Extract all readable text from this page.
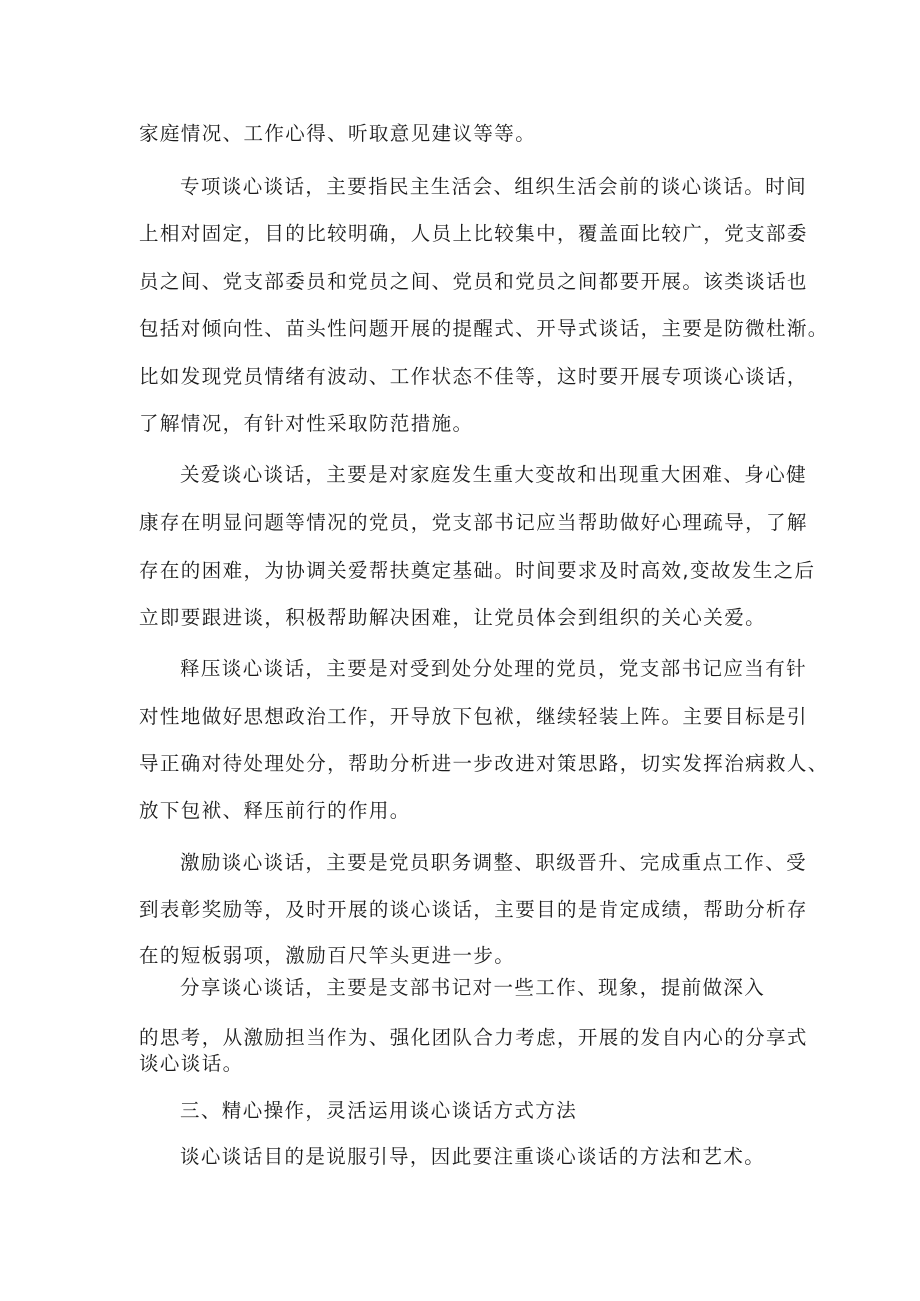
家庭情况、工作心得、听取意见建议等等。
专项谈心谈话，主要指民主生活会、组织生活会前的谈心谈话。时间
上相对固定，目的比较明确，人员上比较集中，覆盖面比较广，党支部委
员之间、党支部委员和党员之间、党员和党员之间都要开展。该类谈话也
包括对倾向性、苗头性问题开展的提醒式、开导式谈话，主要是防微杜渐。
比如发现党员情绪有波动、工作状态不佳等，这时要开展专项谈心谈话，
了解情况，有针对性采取防范措施。
关爱谈心谈话，主要是对家庭发生重大变故和出现重大困难、身心健
康存在明显问题等情况的党员，党支部书记应当帮助做好心理疏导，了解
存在的困难，为协调关爱帮扶奠定基础。时间要求及时高效,变故发生之后
立即要跟进谈，积极帮助解决困难，让党员体会到组织的关心关爱。
释压谈心谈话，主要是对受到处分处理的党员，党支部书记应当有针
对性地做好思想政治工作，开导放下包袱，继续轻装上阵。主要目标是引
导正确对待处理处分，帮助分析进一步改进对策思路，切实发挥治病救人、
放下包袱、释压前行的作用。
激励谈心谈话，主要是党员职务调整、职级晋升、完成重点工作、受
到表彰奖励等，及时开展的谈心谈话，主要目的是肯定成绩，帮助分析存
在的短板弱项，激励百尺竿头更进一步。
分享谈心谈话，主要是支部书记对一些工作、现象，提前做深入
的思考，从激励担当作为、强化团队合力考虑，开展的发自内心的分享式
谈心谈话。
三、精心操作，灵活运用谈心谈话方式方法
谈心谈话目的是说服引导，因此要注重谈心谈话的方法和艺术。
